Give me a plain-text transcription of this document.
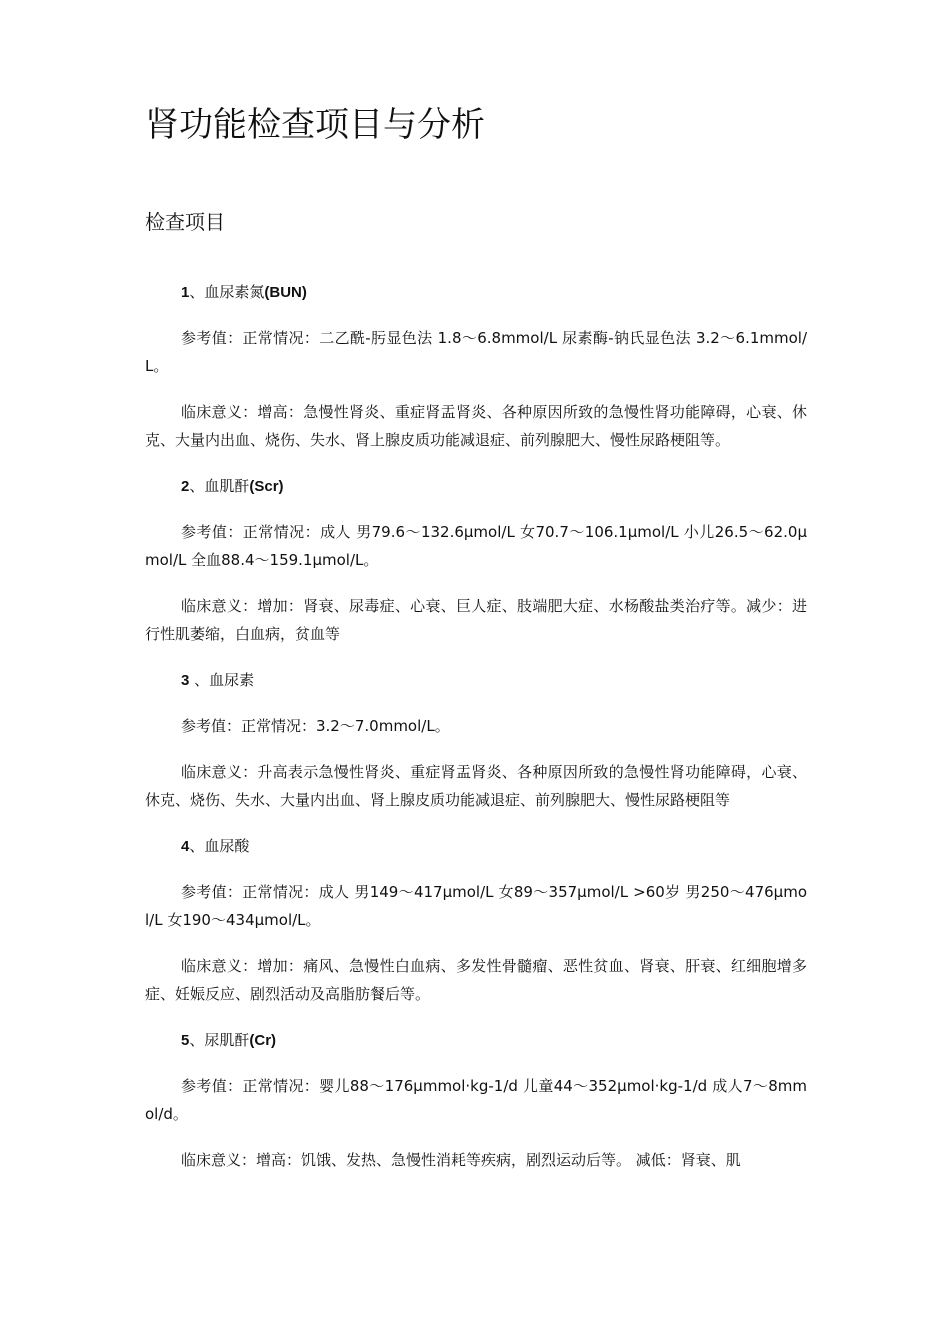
肾功能检查项目与分析
检查项目

1、血尿素氮(BUN)

参考值：正常情况：二乙酰-肟显色法 1.8～6.8mmol/L 尿素酶-钠氏显色法 3.2～6.1mmol/L。

临床意义：增高：急慢性肾炎、重症肾盂肾炎、各种原因所致的急慢性肾功能障碍，心衰、休克、大量内出血、烧伤、失水、肾上腺皮质功能减退症、前列腺肥大、慢性尿路梗阻等。

2、血肌酐(Scr)

参考值：正常情况：成人 男79.6～132.6μmol/L 女70.7～106.1μmol/L 小儿26.5～62.0μmol/L 全血88.4～159.1μmol/L。

临床意义：增加：肾衰、尿毒症、心衰、巨人症、肢端肥大症、水杨酸盐类治疗等。减少：进行性肌萎缩，白血病，贫血等

3 、血尿素

参考值：正常情况：3.2～7.0mmol/L。

临床意义：升高表示急慢性肾炎、重症肾盂肾炎、各种原因所致的急慢性肾功能障碍，心衰、休克、烧伤、失水、大量内出血、肾上腺皮质功能减退症、前列腺肥大、慢性尿路梗阻等

4、血尿酸

参考值：正常情况：成人 男149～417μmol/L 女89～357μmol/L >60岁 男250～476μmol/L 女190～434μmol/L。

临床意义：增加：痛风、急慢性白血病、多发性骨髓瘤、恶性贫血、肾衰、肝衰、红细胞增多症、妊娠反应、剧烈活动及高脂肪餐后等。

5、尿肌酐(Cr)

参考值：正常情况：婴儿88～176μmmol·kg-1/d 儿童44～352μmol·kg-1/d 成人7～8mmol/d。

临床意义：增高：饥饿、发热、急慢性消耗等疾病，剧烈运动后等。 减低：肾衰、肌
